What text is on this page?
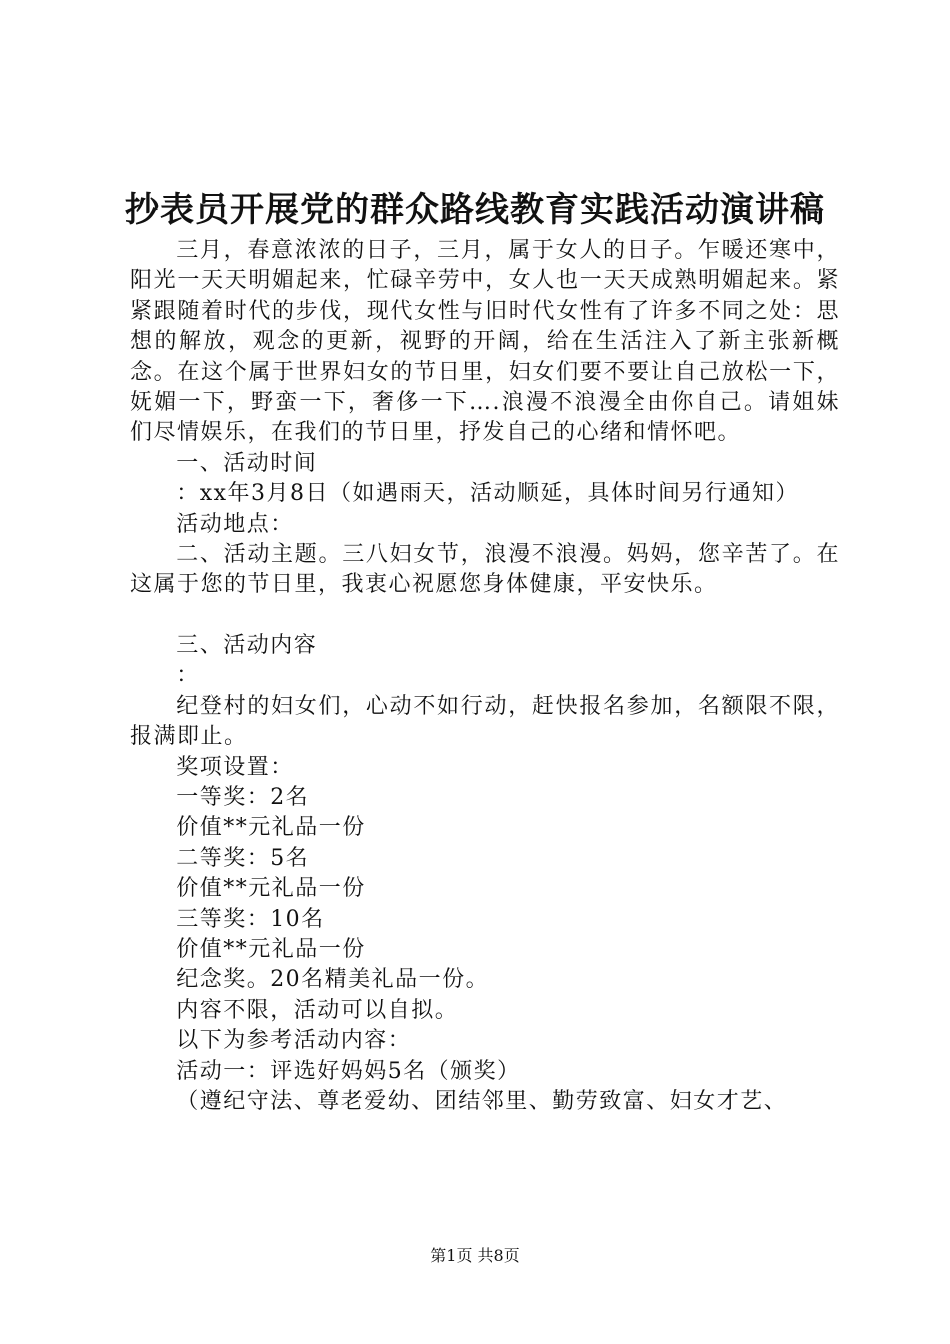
抄表员开展党的群众路线教育实践活动演讲稿

三月，春意浓浓的日子，三月，属于女人的日子。乍暖还寒中，阳光一天天明媚起来，忙碌辛劳中，女人也一天天成熟明媚起来。紧紧跟随着时代的步伐，现代女性与旧时代女性有了许多不同之处：思想的解放，观念的更新，视野的开阔，给在生活注入了新主张新概念。在这个属于世界妇女的节日里，妇女们要不要让自己放松一下，妩媚一下，野蛮一下，奢侈一下….浪漫不浪漫全由你自己。请姐妹们尽情娱乐，在我们的节日里，抒发自己的心绪和情怀吧。

一、活动时间

：xx年3月8日（如遇雨天，活动顺延，具体时间另行通知）

活动地点：

二、活动主题。三八妇女节，浪漫不浪漫。妈妈，您辛苦了。在这属于您的节日里，我衷心祝愿您身体健康，平安快乐。

三、活动内容

：

纪登村的妇女们，心动不如行动，赶快报名参加，名额限不限，报满即止。

奖项设置：

一等奖：2名

价值**元礼品一份

二等奖：5名

价值**元礼品一份

三等奖：10名

价值**元礼品一份

纪念奖。20名精美礼品一份。

内容不限，活动可以自拟。

以下为参考活动内容：

活动一：评选好妈妈5名（颁奖）

（遵纪守法、尊老爱幼、团结邻里、勤劳致富、妇女才艺、

第1页 共8页
